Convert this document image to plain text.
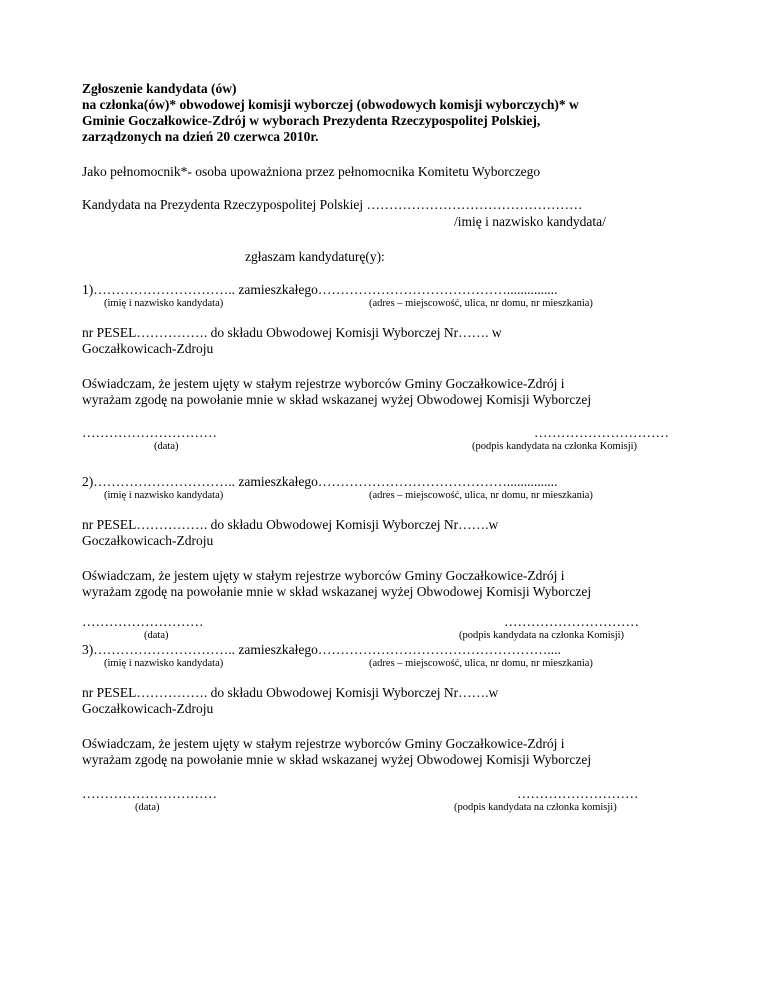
Zgłoszenie kandydata (ów)
na członka(ów)* obwodowej komisji wyborczej (obwodowych komisji wyborczych)* w
Gminie Goczałkowice-Zdrój w wyborach Prezydenta Rzeczypospolitej Polskiej,
zarządzonych na dzień 20 czerwca 2010r.
Jako pełnomocnik*- osoba upoważniona przez pełnomocnika Komitetu Wyborczego
Kandydata na Prezydenta Rzeczypospolitej Polskiej …………………………………………
/imię i nazwisko kandydata/
zgłaszam kandydaturę(y):
1)………………………….. zamieszkałego……………………………………...............
(imię i nazwisko kandydata)	(adres – miejscowość, ulica, nr domu, nr mieszkania)
nr PESEL……………. do składu Obwodowej Komisji Wyborczej Nr……. w
Goczałkowicach-Zdroju
Oświadczam, że jestem ujęty w stałym rejestrze wyborców Gminy Goczałkowice-Zdrój i
wyrażam zgodę na powołanie mnie w skład wskazanej wyżej Obwodowej Komisji Wyborczej
…………………………	…………………………
(data)	(podpis kandydata na członka Komisji)
2)………………………….. zamieszkałego……………………………………...............
(imię i nazwisko kandydata)	(adres – miejscowość, ulica, nr domu, nr mieszkania)
nr PESEL……………. do składu Obwodowej Komisji Wyborczej Nr…….w
Goczałkowicach-Zdroju
Oświadczam, że jestem ujęty w stałym rejestrze wyborców Gminy Goczałkowice-Zdrój i
wyrażam zgodę na powołanie mnie w skład wskazanej wyżej Obwodowej Komisji Wyborczej
………………………	…………………………
(data)	(podpis kandydata na członka Komisji)
3)………………………….. zamieszkałego……………………………………………....
(imię i nazwisko kandydata)	(adres – miejscowość, ulica, nr domu, nr mieszkania)
nr PESEL……………. do składu Obwodowej Komisji Wyborczej Nr…….w
Goczałkowicach-Zdroju
Oświadczam, że jestem ujęty w stałym rejestrze wyborców Gminy Goczałkowice-Zdrój i
wyrażam zgodę na powołanie mnie w skład wskazanej wyżej Obwodowej Komisji Wyborczej
…………………………	………………………
(data)	(podpis kandydata na członka komisji)
